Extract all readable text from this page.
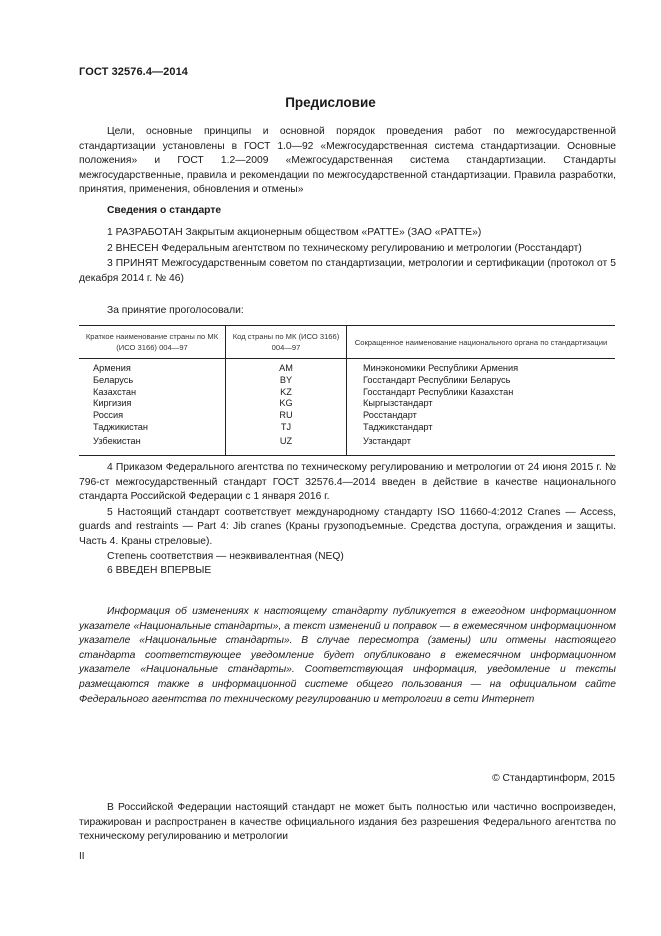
ГОСТ 32576.4—2014
Предисловие

Цели, основные принципы и основной порядок проведения работ по межгосударственной стандартизации установлены в ГОСТ 1.0—92 «Межгосударственная система стандартизации. Основные положения» и ГОСТ 1.2—2009 «Межгосударственная система стандартизации. Стандарты межгосударственные, правила и рекомендации по межгосударственной стандартизации. Правила разработки, принятия, применения, обновления и отмены»

Сведения о стандарте

1 РАЗРАБОТАН Закрытым акционерным обществом «РАТТЕ» (ЗАО «РАТТЕ»)

2 ВНЕСЕН Федеральным агентством по техническому регулированию и метрологии (Росстандарт)

3 ПРИНЯТ Межгосударственным советом по стандартизации, метрологии и сертификации (протокол от 5 декабря 2014 г. № 46)

За принятие проголосовали:
Краткое наименование страны по МК (ИСО 3166) 004—97	Код страны по МК (ИСО 3166) 004—97	Сокращенное наименование национального органа по стандартизации
Армения	AM	Минэкономики Республики Армения
Беларусь	BY	Госстандарт Республики Беларусь
Казахстан	KZ	Госстандарт Республики Казахстан
Киргизия	KG	Кыргызстандарт
Россия	RU	Росстандарт
Таджикистан	TJ	Таджикстандарт
Узбекистан	UZ	Узстандарт

4 Приказом Федерального агентства по техническому регулированию и метрологии от 24 июня 2015 г. № 796-ст межгосударственный стандарт ГОСТ 32576.4—2014 введен в действие в качестве национального стандарта Российской Федерации с 1 января 2016 г.

5 Настоящий стандарт соответствует международному стандарту ISO 11660-4:2012 Cranes — Access, guards and restraints — Part 4: Jib cranes (Краны грузоподъемные. Средства доступа, ограждения и защиты. Часть 4. Краны стреловые).

Степень соответствия — неэквивалентная (NEQ)

6 ВВЕДЕН ВПЕРВЫЕ

Информация об изменениях к настоящему стандарту публикуется в ежегодном информационном указателе «Национальные стандарты», а текст изменений и поправок — в ежемесячном информационном указателе «Национальные стандарты». В случае пересмотра (замены) или отмены настоящего стандарта соответствующее уведомление будет опубликовано в ежемесячном информационном указателе «Национальные стандарты». Соответствующая информация, уведомление и тексты размещаются также в информационной системе общего пользования — на официальном сайте Федерального агентства по техническому регулированию и метрологии в сети Интернет

© Стандартинформ, 2015

В Российской Федерации настоящий стандарт не может быть полностью или частично воспроизведен, тиражирован и распространен в качестве официального издания без разрешения Федерального агентства по техническому регулированию и метрологии

II
